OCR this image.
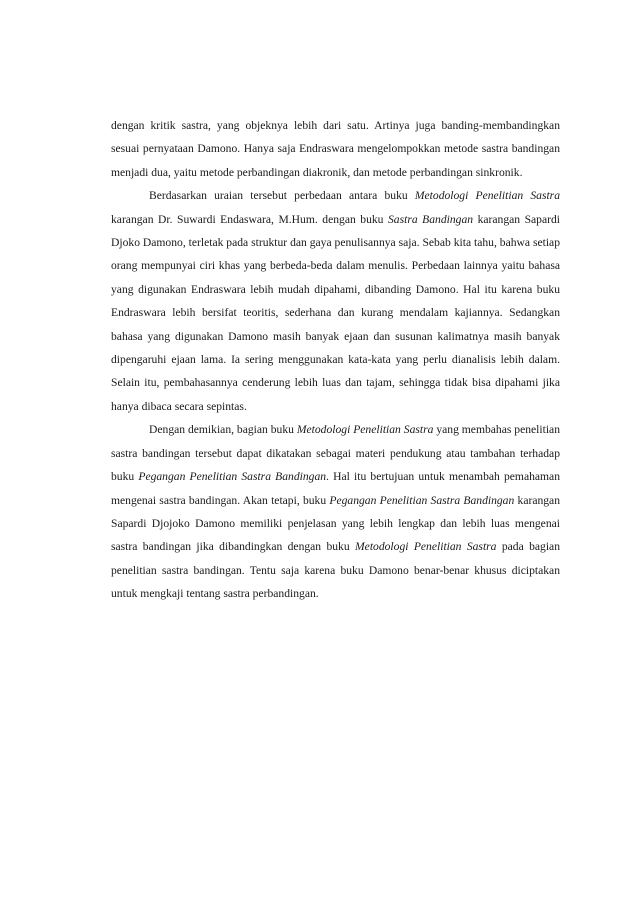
dengan kritik sastra, yang objeknya lebih dari satu. Artinya juga banding-membandingkan sesuai pernyataan Damono. Hanya saja Endraswara mengelompokkan metode sastra bandingan menjadi dua, yaitu metode perbandingan diakronik, dan metode perbandingan sinkronik.

Berdasarkan uraian tersebut perbedaan antara buku Metodologi Penelitian Sastra karangan Dr. Suwardi Endaswara, M.Hum. dengan buku Sastra Bandingan karangan Sapardi Djoko Damono, terletak pada struktur dan gaya penulisannya saja. Sebab kita tahu, bahwa setiap orang mempunyai ciri khas yang berbeda-beda dalam menulis. Perbedaan lainnya yaitu bahasa yang digunakan Endraswara lebih mudah dipahami, dibanding Damono. Hal itu karena buku Endraswara lebih bersifat teoritis, sederhana dan kurang mendalam kajiannya. Sedangkan bahasa yang digunakan Damono masih banyak ejaan dan susunan kalimatnya masih banyak dipengaruhi ejaan lama. Ia sering menggunakan kata-kata yang perlu dianalisis lebih dalam. Selain itu, pembahasannya cenderung lebih luas dan tajam, sehingga tidak bisa dipahami jika hanya dibaca secara sepintas.

Dengan demikian, bagian buku Metodologi Penelitian Sastra yang membahas penelitian sastra bandingan tersebut dapat dikatakan sebagai materi pendukung atau tambahan terhadap buku Pegangan Penelitian Sastra Bandingan. Hal itu bertujuan untuk menambah pemahaman mengenai sastra bandingan. Akan tetapi, buku Pegangan Penelitian Sastra Bandingan karangan Sapardi Djojoko Damono memiliki penjelasan yang lebih lengkap dan lebih luas mengenai sastra bandingan jika dibandingkan dengan buku Metodologi Penelitian Sastra pada bagian penelitian sastra bandingan. Tentu saja karena buku Damono benar-benar khusus diciptakan untuk mengkaji tentang sastra perbandingan.
